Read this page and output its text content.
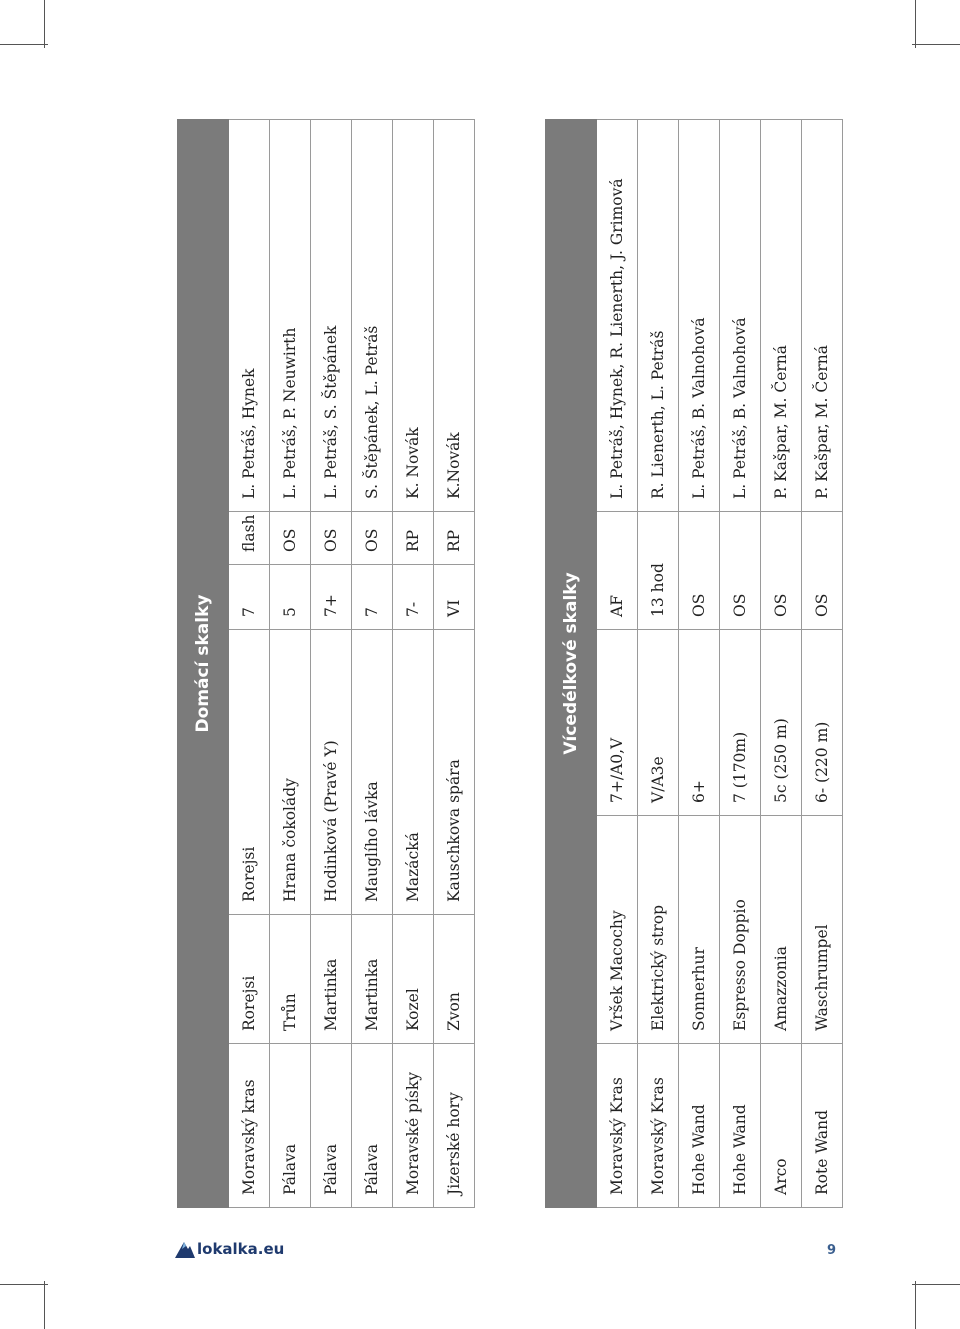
Domácí skalky					
Moravský kras	Rorejsi	Rorejsi	7	flash	L. Petráš, Hynek
Pálava	Trůn	Hrana čokolády	5	OS	L. Petráš, P. Neuwirth
Pálava	Martinka	Hodinková (Pravé Y)	7+	OS	L. Petráš, S. Štěpánek
Pálava	Martinka	Mauglího lávka	7	OS	S. Štěpánek, L. Petráš
Moravské písky	Kozel	Mazácká	7-	RP	K. Novák
Jizerské hory	Zvon	Kauschkova spára	VI	RP	K.Novák
Vícedélkové skalky				
Moravský Kras	Vršek Macochy	7+/A0,V	AF	L. Petráš, Hynek, R. Lienerth, J. Grimová
Moravský Kras	Elektrický strop	V/A3e	13 hod	R. Lienerth, L. Petráš
Hohe Wand	Sonnerhur	6+	OS	L. Petráš, B. Valnohová
Hohe Wand	Espresso Doppio	7 (170m)	OS	L. Petráš, B. Valnohová
Arco	Amazzonia	5c (250 m)	OS	P. Kašpar, M. Černá
Rote Wand	Waschrumpel	6- (220 m)	OS	P. Kašpar, M. Černá
lokalka.eu	9
